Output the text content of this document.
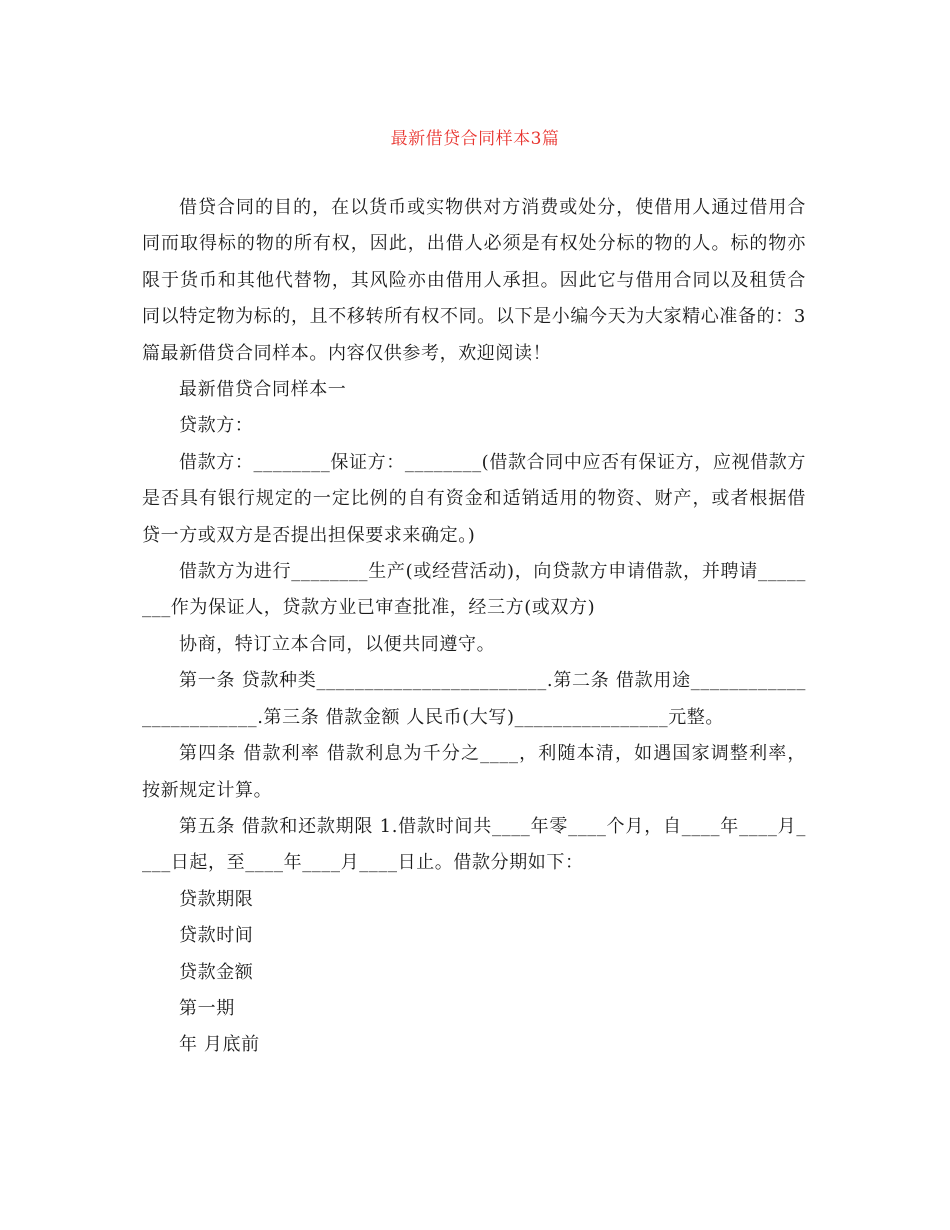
最新借贷合同样本3篇

借贷合同的目的，在以货币或实物供对方消费或处分，使借用人通过借用合同而取得标的物的所有权，因此，出借人必须是有权处分标的物的人。标的物亦限于货币和其他代替物，其风险亦由借用人承担。因此它与借用合同以及租赁合同以特定物为标的，且不移转所有权不同。以下是小编今天为大家精心准备的：3篇最新借贷合同样本。内容仅供参考，欢迎阅读！

最新借贷合同样本一

贷款方：

借款方：________保证方：________(借款合同中应否有保证方，应视借款方是否具有银行规定的一定比例的自有资金和适销适用的物资、财产，或者根据借贷一方或双方是否提出担保要求来确定。)

借款方为进行________生产(或经营活动)，向贷款方申请借款，并聘请________作为保证人，贷款方业已审查批准，经三方(或双方)

协商，特订立本合同，以便共同遵守。

第一条 贷款种类________________________.第二条 借款用途________________________.第三条 借款金额 人民币(大写)________________元整。

第四条 借款利率 借款利息为千分之____，利随本清，如遇国家调整利率，按新规定计算。

第五条 借款和还款期限 1.借款时间共____年零____个月，自____年____月____日起，至____年____月____日止。借款分期如下：

贷款期限

贷款时间

贷款金额

第一期

年 月底前
